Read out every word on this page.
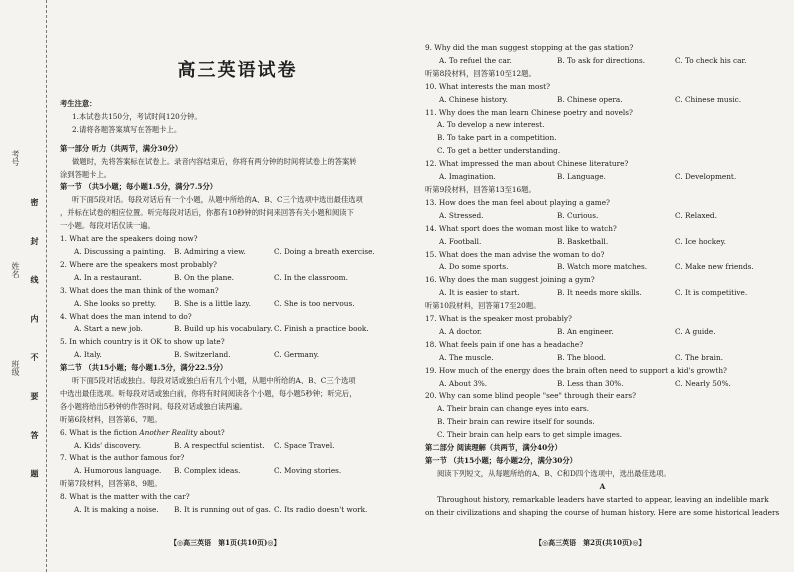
考号
姓名
班级 密 封 线 内 不 要 答 题
高三英语试卷
考生注意：
1.本试卷共150分，考试时间120分钟。
2.请将各题答案填写在答题卡上。
第一部分 听力（共两节，满分30分）
做题时，先将答案标在试卷上。录音内容结束后，你将有两分钟的时间将试卷上的答案转
涂到答题卡上。
第一节 （共5小题；每小题1.5分，满分7.5分）
听下面5段对话。每段对话后有一个小题，从题中所给的A、B、C三个选项中选出最佳选项
，并标在试卷的相应位置。听完每段对话后，你都有10秒钟的时间来回答有关小题和阅读下
一小题。每段对话仅读一遍。
1. What are the speakers doing now?
A. Discussing a painting.	B. Admiring a view.	C. Doing a breath exercise.
2. Where are the speakers most probably?
A. In a restaurant.	B. On the plane.	C. In the classroom.
3. What does the man think of the woman?
A. She looks so pretty.	B. She is a little lazy.	C. She is too nervous.
4. What does the man intend to do?
A. Start a new job.	B. Build up his vocabulary. C. Finish a practice book.
5. In which country is it OK to show up late?
A. Italy.	B. Switzerland.	C. Germany.
第二节 （共15小题；每小题1.5分，满分22.5分）
听下面5段对话或独白。每段对话或独白后有几个小题，从题中所给的A、B、C三个选项
中选出最佳选项。听每段对话或独白前，你将有时间阅读各个小题，每小题5秒钟；听完后，
各小题将给出5秒钟的作答时间。每段对话或独白读两遍。
听第6段材料，回答第6、7题。
6. What is the fiction Another Reality about?
A. Kids' discovery.	B. A respectful scientist.	C. Space Travel.
7. What is the author famous for?
A. Humorous language.	B. Complex ideas.	C. Moving stories.
听第7段材料，回答第8、9题。
8. What is the matter with the car?
A. It is making a noise.	B. It is running out of gas. C. Its radio doesn't work.
【◎高三英语　第1页(共10页)◎】
9. Why did the man suggest stopping at the gas station?
A. To refuel the car.	B. To ask for directions.	C. To check his car.
听第8段材料，回答第10至12题。
10. What interests the man most?
A. Chinese history.	B. Chinese opera.	C. Chinese music.
11. Why does the man learn Chinese poetry and novels?
A. To develop a new interest.
B. To take part in a competition.
C. To get a better understanding.
12. What impressed the man about Chinese literature?
A. Imagination.	B. Language.	C. Development.
听第9段材料，回答第13至16题。
13. How does the man feel about playing a game?
A. Stressed.	B. Curious.	C. Relaxed.
14. What sport does the woman most like to watch?
A. Football.	B. Basketball.	C. Ice hockey.
15. What does the man advise the woman to do?
A. Do some sports.	B. Watch more matches.	C. Make new friends.
16. Why does the man suggest joining a gym?
A. It is easier to start.	B. It needs more skills.	C. It is competitive.
听第10段材料，回答第17至20题。
17. What is the speaker most probably?
A. A doctor.	B. An engineer.	C. A guide.
18. What feels pain if one has a headache?
A. The muscle.	B. The blood.	C. The brain.
19. How much of the energy does the brain often need to support a kid's growth?
A. About 3%.	B. Less than 30%.	C. Nearly 50%.
20. Why can some blind people "see" through their ears?
A. Their brain can change eyes into ears.
B. Their brain can rewire itself for sounds.
C. Their brain can help ears to get simple images.
第二部分 阅读理解（共两节，满分40分）
第一节 （共15小题；每小题2分，满分30分）
阅读下列短文，从每题所给的A、B、C和D四个选项中，选出最佳选项。
A
Throughout history, remarkable leaders have started to appear, leaving an indelible mark
on their civilizations and shaping the course of human history. Here are some historical leaders
【◎高三英语　第2页(共10页)◎】
